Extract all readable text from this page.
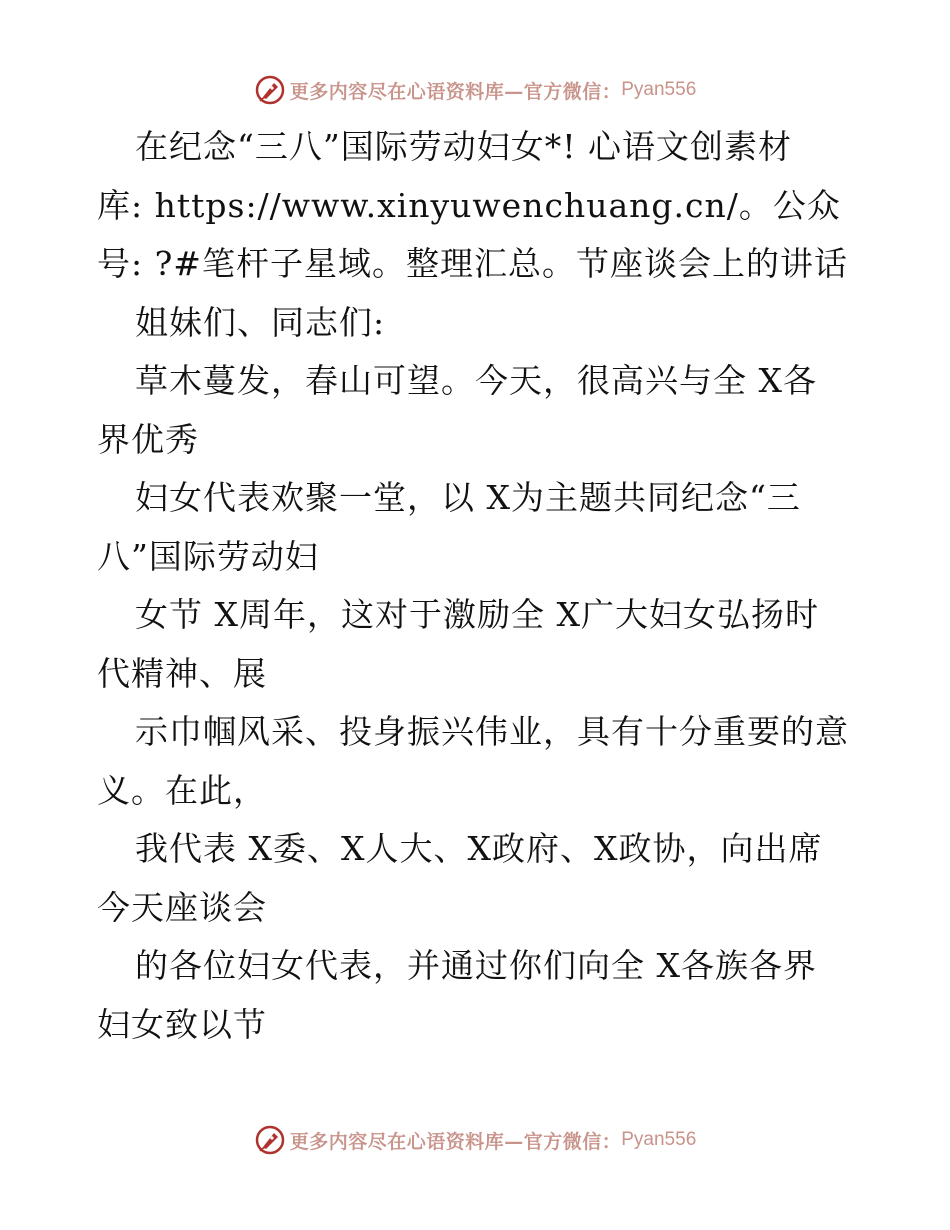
更多内容尽在心语资料库—官方微信： Pyan556
在纪念“三八”国际劳动妇女*! 心语文创素材
库: https://www.xinyuwenchuang.cn/。公众
号: ?#笔杆子星域。整理汇总。节座谈会上的讲话
姐妹们、同志们:
草木蔓发，春山可望。今天，很高兴与全 X各
界优秀
妇女代表欢聚一堂，以 X为主题共同纪念“三
八”国际劳动妇
女节 X周年，这对于激励全 X广大妇女弘扬时
代精神、展
示巾帼风采、投身振兴伟业，具有十分重要的意
义。在此，
我代表 X委、X人大、X政府、X政协，向出席
今天座谈会
的各位妇女代表，并通过你们向全 X各族各界
妇女致以节
更多内容尽在心语资料库—官方微信： Pyan556
